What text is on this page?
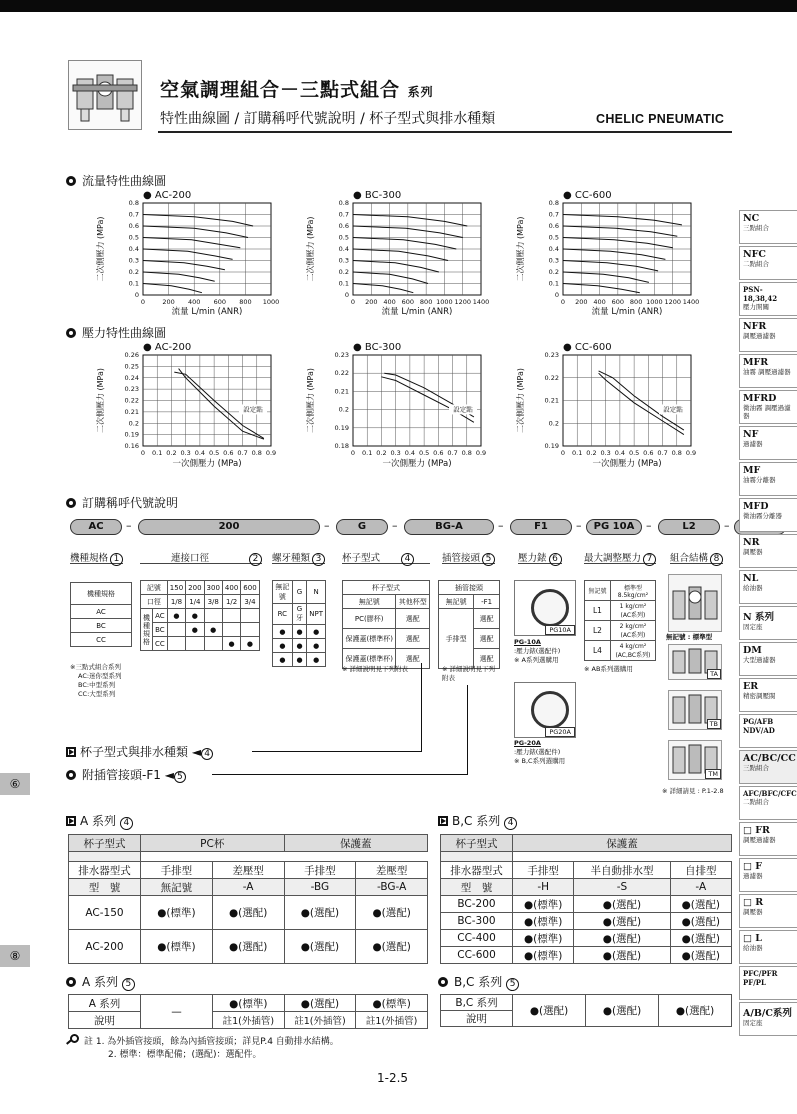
空氣調理組合－三點式組合 系列
特性曲線圖 / 訂購稱呼代號說明 / 杯子型式與排水種類	CHELIC PNEUMATIC
流量特性曲線圖
壓力特性曲線圖
0	200 400 600 800 1000
0
0.1
0.2
0.3
0.4
0.5
0.6
0.7
0.8
● AC-200
流量 L/min (ANR)
二次側壓力 (MPa)
0 200 400 600 800 1000 1200 1400
0
0.1
0.2
0.3
0.4
0.5
0.6
0.7
0.8
● BC-300
流量 L/min (ANR)
二次側壓力 (MPa)
0 200 400 600 800 1000 1200 1400
0
0.1
0.2
0.3
0.4
0.5
0.6
0.7
0.8
● CC-600
流量 L/min (ANR)
二次側壓力 (MPa)
0 0.1 0.2 0.3 0.4 0.5 0.6 0.7 0.8 0.9
0.16
0.19
0.2
0.21
0.22
0.23
0.24
0.25
0.26
● AC-200
一次側壓力 (MPa)
二次側壓力 (MPa)	設定點
0 0.1 0.2 0.3 0.4 0.5 0.6 0.7 0.8 0.9
0.18
0.19
0.2
0.21
0.22
0.23
● BC-300
一次側壓力 (MPa)
二次側壓力 (MPa)	設定點
0 0.1 0.2 0.3 0.4 0.5 0.6 0.7 0.8 0.9
0.19
0.2
0.21
0.22
0.23
● CC-600
一次側壓力 (MPa)
二次側壓力 (MPa)	設定點
訂購稱呼代號說明
AC	–	200	–	G	–	BG-A	–	F1	–	PG 10A	–	L2	–
機種規格 1	連接口徑　　　　	2	螺牙種類 3	杯子型式　　	4	插管接頭 5	壓力錶 6	最大調整壓力 7	組合結構 8
機種規格
AC
BC
CC
※三點式組合系列
AC:迷你型系列
BC:中型系列
CC:大型系列
記號		150	200	300	400	600
口徑		1/8	1/4	3/8	1/2	3/4
機種規格	AC	●	●			
	BC		●	●		
	CC				●	●
無記號	G	N
RC	G牙	NPT
●	●	●
●	●	●
●	●	●
杯子型式	
無記號	其他杯型
PC(膠杯)	選配
保護蓋(標準杯)	選配
保護蓋(標準杯)	選配
※ 詳細說明見下列附表
插管接頭	
無記號	-F1
手排型	選配
	選配
	選配
※ 詳細說明見下列
附表
PG10A
PG-10A
:壓力錶(選配件)
※ A系列選購用
PG20A
PG-20A
:壓力錶(選配件)
※ B,C系列選購用
無記號	標準型
8.5kg/cm²

L1	1 kg/cm²
(AC系列)

L2	2 kg/cm²
(AC系列)

L4	4 kg/cm²
(AC,BC系列)
※ AB系列選購用
無記號 : 標準型
TA
TB
TM
※ 詳細請見 : P.1-2.8
杯子型式與排水種類 ◄ 4
附插管接頭-F1 ◄ 5
⑥
⑧
A 系列 4
杯子型式	PC杯		保護蓋	

排水器型式	手排型	差壓型	手排型	差壓型
型　號	無記號	-A	-BG	-BG-A
AC-150	●(標準)	●(選配)	●(選配)	●(選配)
AC-200	●(標準)	●(選配)	●(選配)	●(選配)
B,C 系列 4
杯子型式	保護蓋		

排水器型式	手排型	半自動排水型	自排型
型　號	-H	-S	-A
BC-200	●(標準)	●(選配)	●(選配)
BC-300	●(標準)	●(選配)	●(選配)
CC-400	●(標準)	●(選配)	●(選配)
CC-600	●(標準)	●(選配)	●(選配)
A 系列 5
A 系列	—	●(標準)	●(選配)	●(標準)
說明		註1(外插管)	註1(外插管)	註1(外插管)
B,C 系列 5
B,C 系列	●(選配)	●(選配)	●(選配)
說明
註 1. 為外插管接頭，餘為內插管接頭；詳見P.4 自動排水結構。
2. 標準：標準配備；(選配)：選配件。
1-2.5
NC
三點組合
NFC
二點組合
PSN-18,38,42
壓力開關
NFR
調壓過濾器
MFR
油霧 調壓過濾器
MFRD
微油霧 調壓過濾器
NF
過濾器
MF
油霧分離器
MFD
微油霧分離器
NR
調壓器
NL
給油器
N 系列
固定座
DM
大型過濾器
ER
精密調壓閥
PG/AFB NDV/AD
AC/BC/CC
三點組合
AFC/BFC/CFC
二點組合
□ FR
調壓過濾器
□ F
過濾器
□ R
調壓器
□ L
給油器
PFC/PFR PF/PL
A/B/C系列
固定座
